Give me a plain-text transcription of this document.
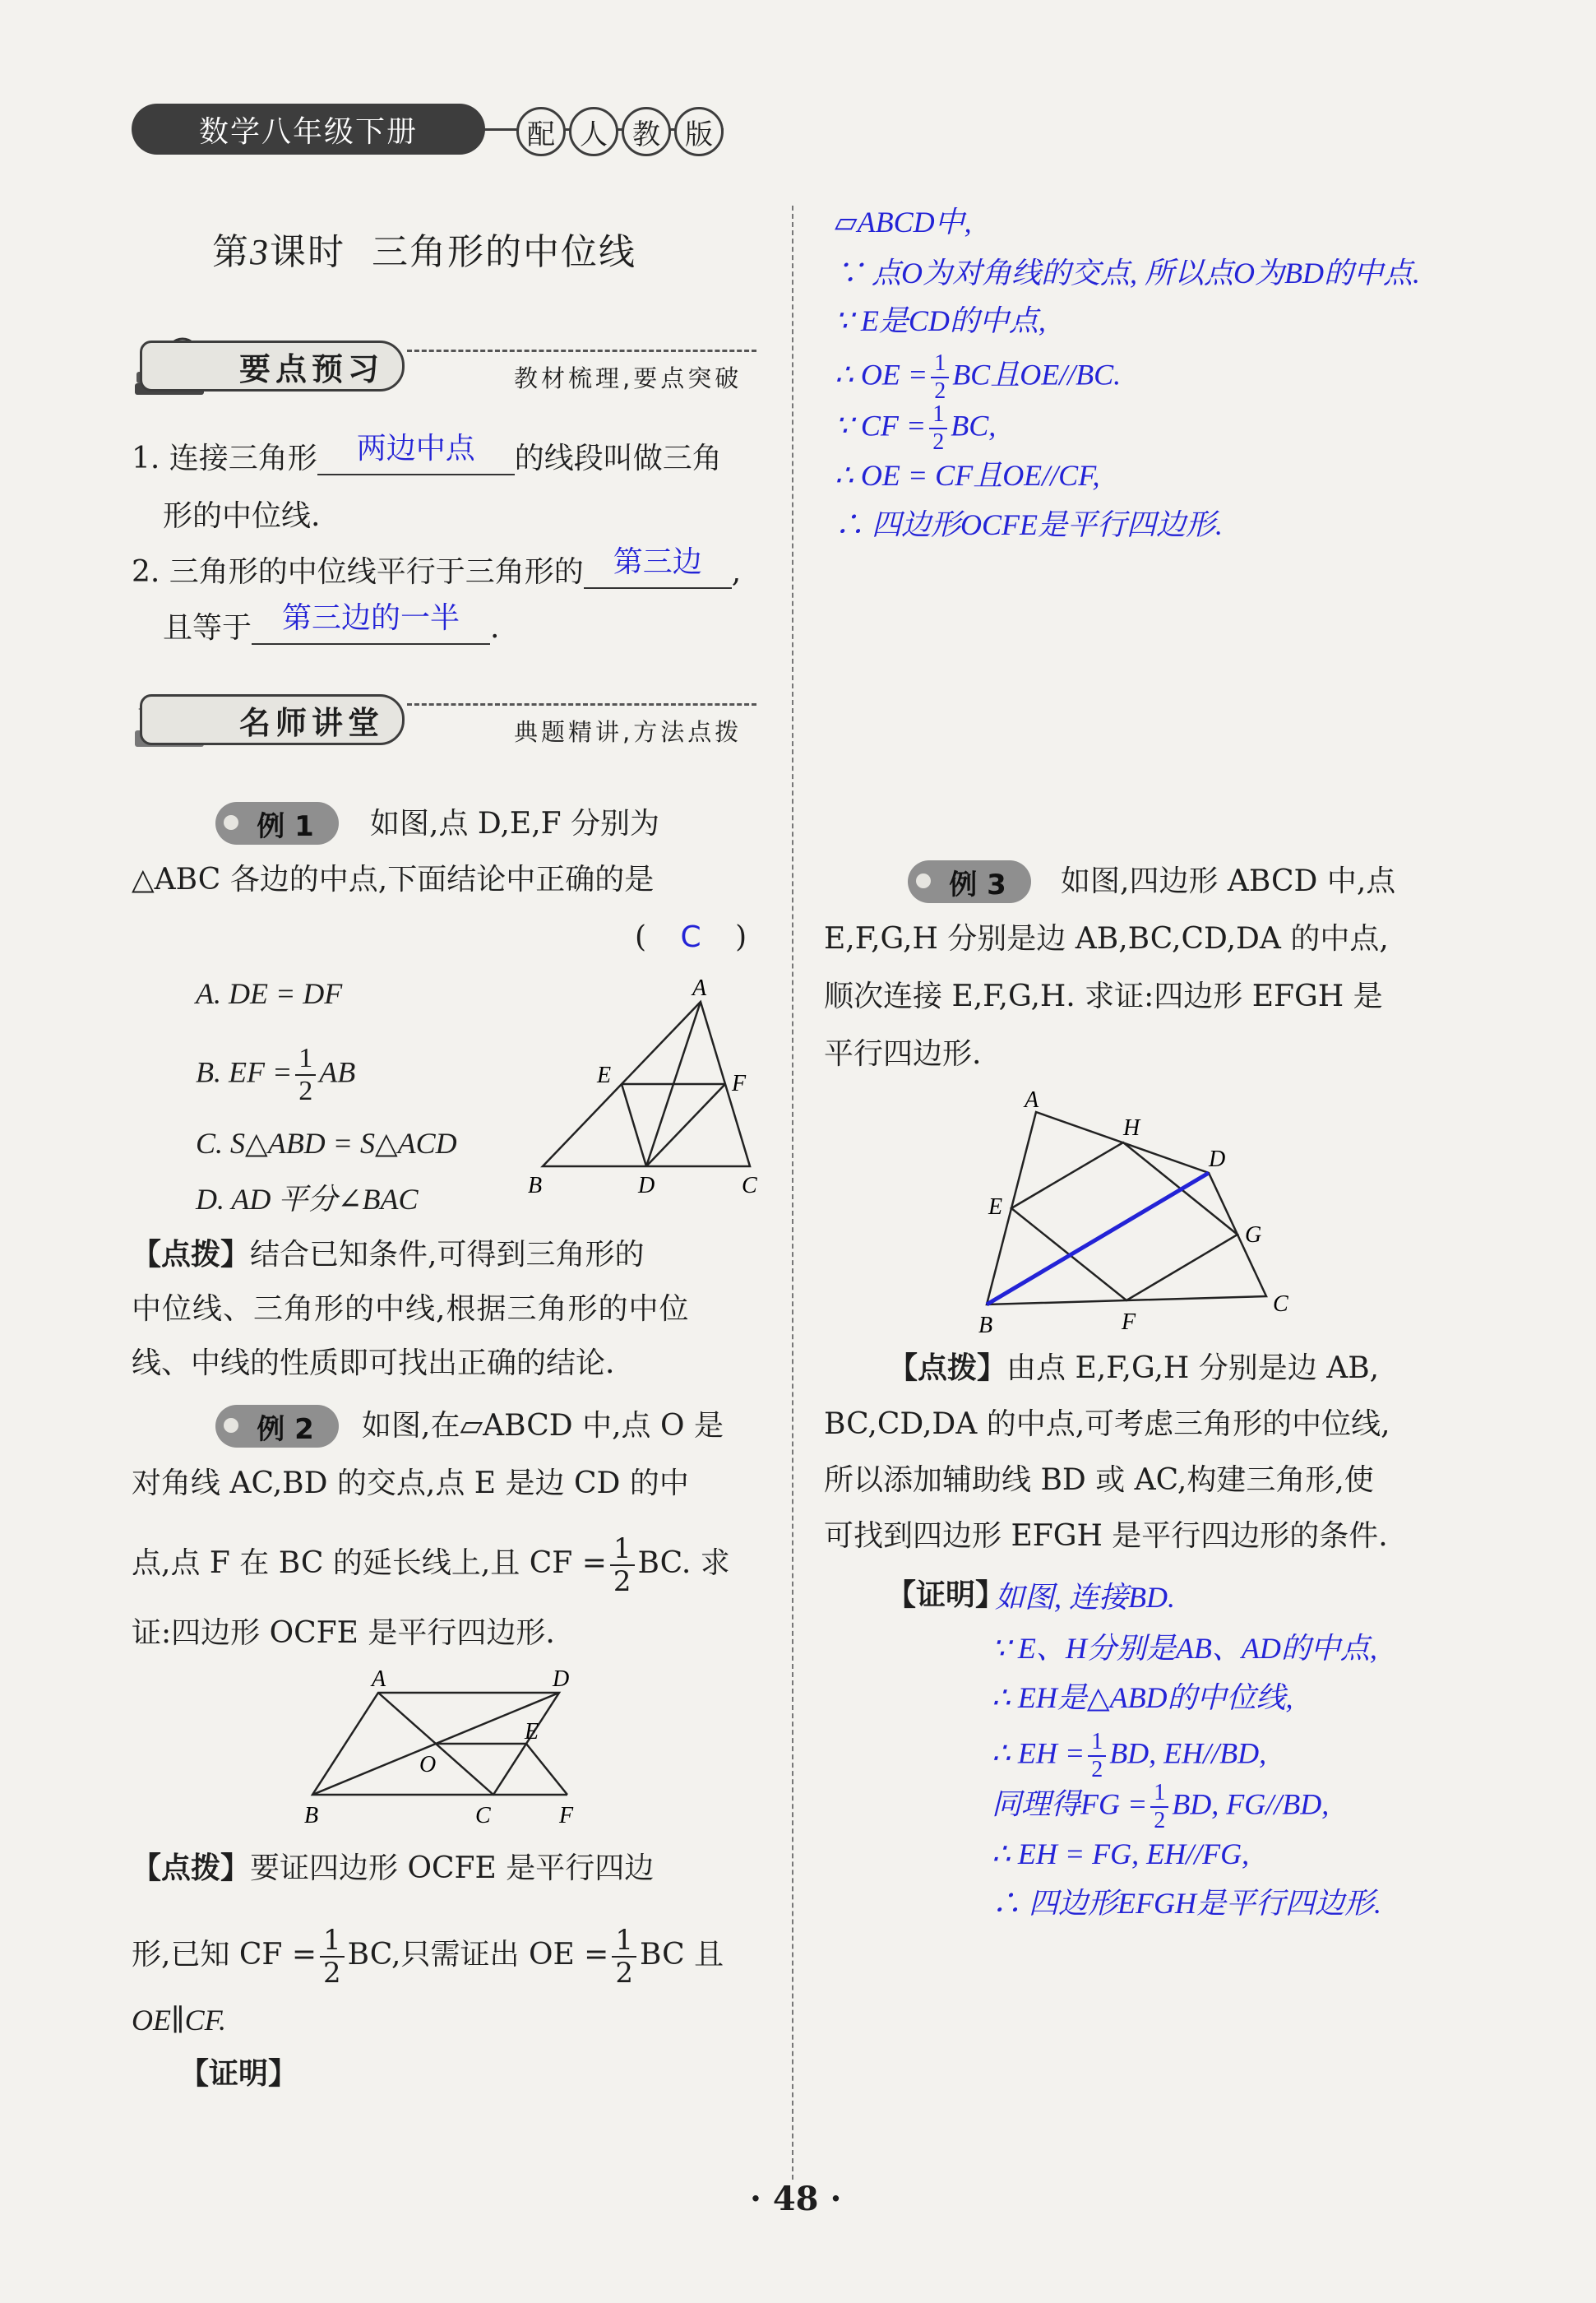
数学八年级下册	配 人 教 版
第3课时 三角形的中位线
要点预习	教材梳理,要点突破
1. 连接三角形 两边中点 的线段叫做三角
形的中位线.
2. 三角形的中位线平行于三角形的 第三边 ,
且等于 第三边的一半 .
名师讲堂	典题精讲,方法点拨
例 1 如图,点 D,E,F 分别为
△ABC 各边的中点,下面结论中正确的是
( C )
A. DE = DF
B. EF = $\frac{1}{2}$ AB
C. S△ABD = S△ACD
D. AD 平分∠BAC
A
E	F
B	D	C
【点拨】结合已知条件,可得到三角形的
中位线、三角形的中线,根据三角形的中位
线、中线的性质即可找出正确的结论.
例 2 如图,在▱ABCD 中,点 O 是
对角线 AC,BD 的交点,点 E 是边 CD 的中
点,点 F 在 BC 的延长线上,且 CF = $\frac{1}{2}$ BC. 求
证:四边形 OCFE 是平行四边形.
A	D
O
E
B	C	F
【点拨】要证四边形 OCFE 是平行四边
形,已知 CF = $\frac{1}{2}$ BC,只需证出 OE = $\frac{1}{2}$ BC 且
OE∥CF.
【证明】
▱ABCD中,
∵ 点O为对角线的交点, 所以点O为BD的中点.
∵ E是CD的中点,
∴ OE = $\frac{1}{2}$ BC且OE//BC.
∵ CF = $\frac{1}{2}$ BC,
∴ OE = CF且OE//CF,
∴ 四边形OCFE是平行四边形.
例 3 如图,四边形 ABCD 中,点
E,F,G,H 分别是边 AB,BC,CD,DA 的中点,
顺次连接 E,F,G,H. 求证:四边形 EFGH 是
平行四边形.
A
H
D
E
G
B	F
C
【点拨】由点 E,F,G,H 分别是边 AB,
BC,CD,DA 的中点,可考虑三角形的中位线,
所以添加辅助线 BD 或 AC,构建三角形,使
可找到四边形 EFGH 是平行四边形的条件.
【证明】
如图, 连接BD.
∵ E、H分别是AB、AD的中点,
∴ EH是△ABD的中位线,
∴ EH = $\frac{1}{2}$ BD, EH//BD,
同理得FG = $\frac{1}{2}$ BD, FG//BD,
∴ EH = FG, EH//FG,
∴ 四边形EFGH是平行四边形.
· 48 ·
